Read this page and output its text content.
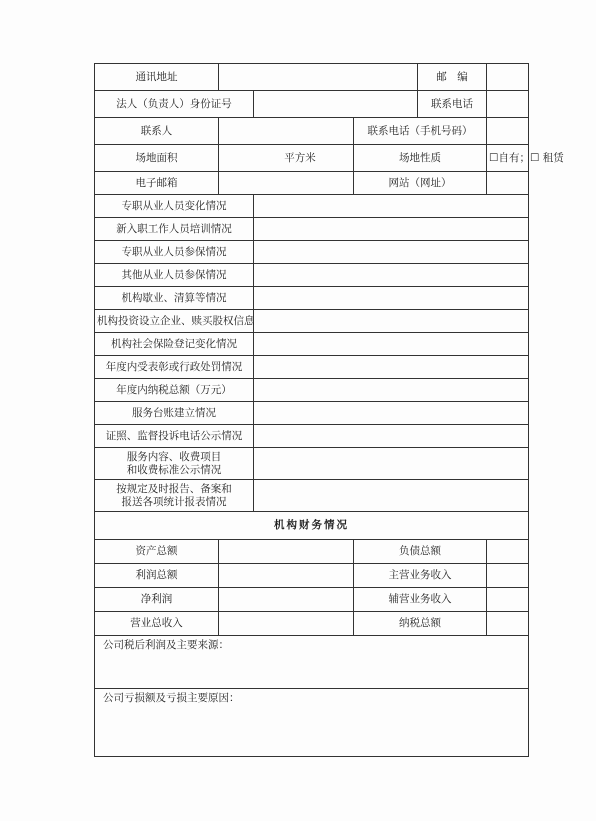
通讯地址				邮　编	
法人（负责人）身份证号				联系电话	
联系人			联系电话（手机号码）		
场地面积	平方米		场地性质		☐自有；☐ 租赁
电子邮箱			网站（网址）		
专职从业人员变化情况					
新入职工作人员培训情况					
专职从业人员参保情况					
其他从业人员参保情况					
机构歇业、清算等情况					
机构投资设立企业、赎买股权信息					
机构社会保险登记变化情况					
年度内受表彰或行政处罚情况					
年度内纳税总额（万元）					
服务台账建立情况					
证照、监督投诉电话公示情况					

服务内容、收费项目
和收费标准公示情况					

按规定及时报告、备案和
报送各项统计报表情况					

机构财务情况					
资产总额			负债总额		
利润总额			主营业务收入		
净利润			辅营业务收入		
营业总收入			纳税总额		
公司税后利润及主要来源：					
公司亏损额及亏损主要原因：					
